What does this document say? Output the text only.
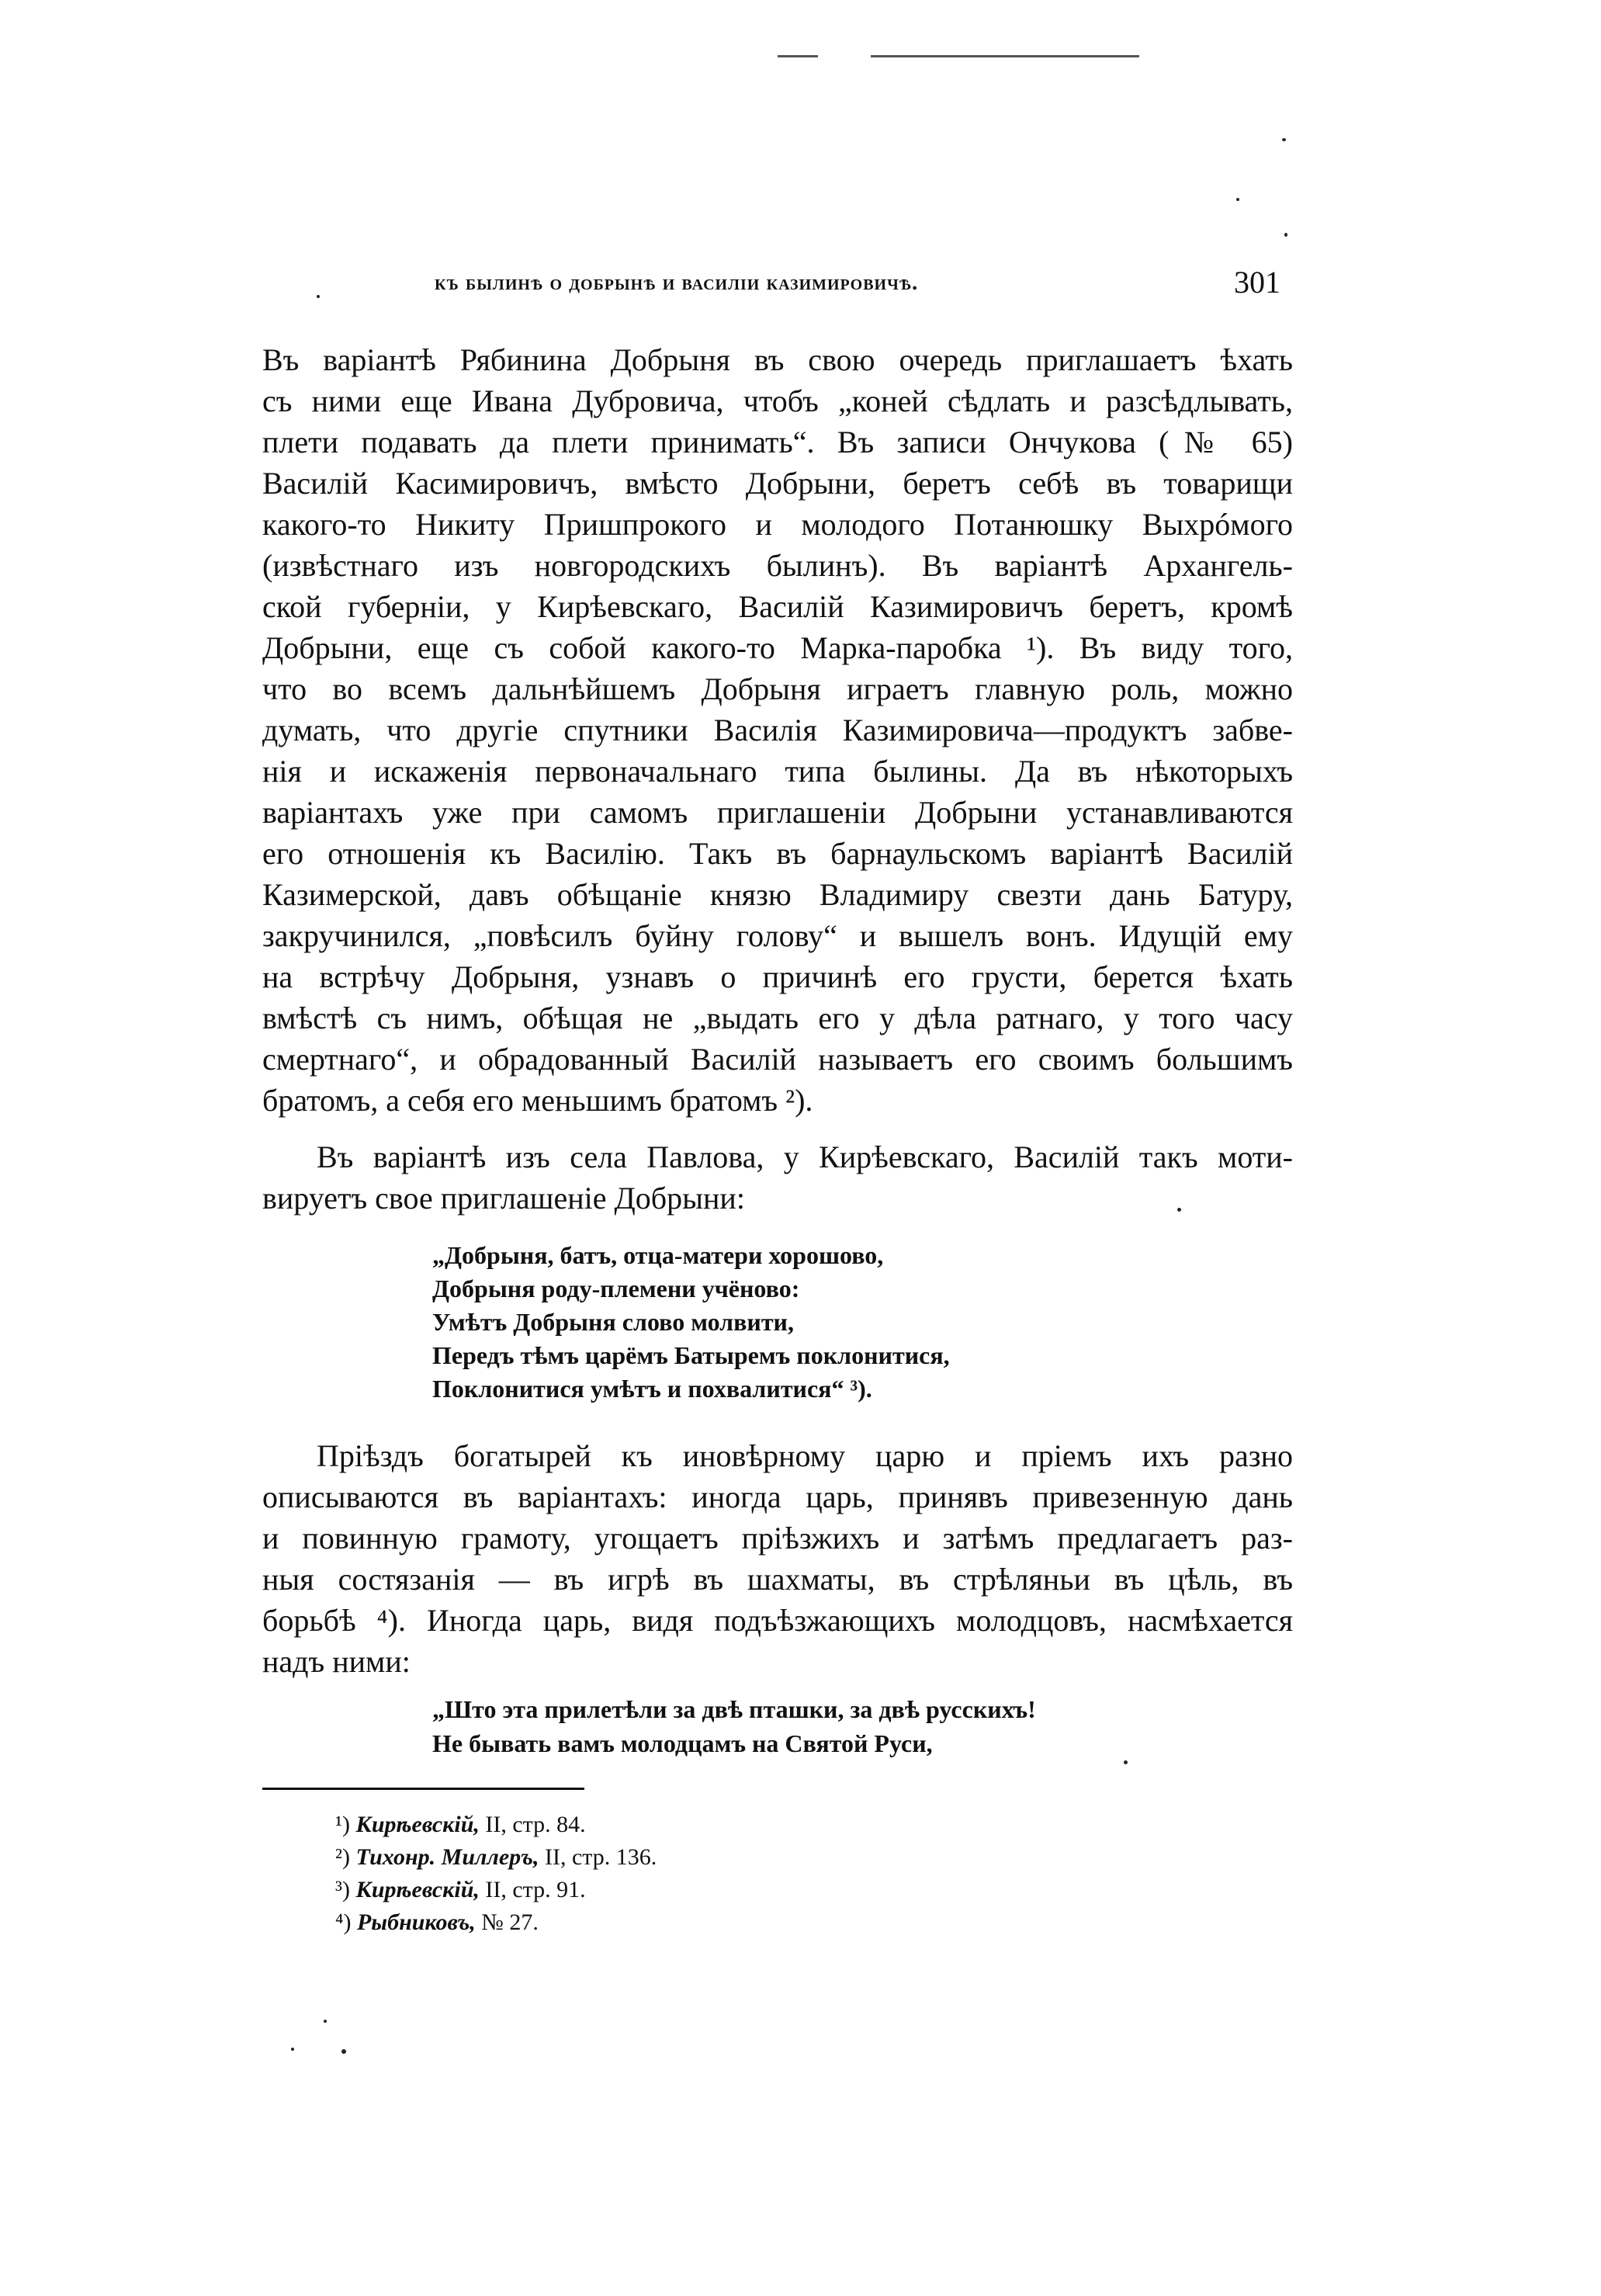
къ былинѣ о добрынѣ и василiи казимировичѣ.	301
Въ варiантѣ Рябинина Добрыня въ свою очередь приглашаетъ ѣхать
съ ними еще Ивана Дубровича, чтобъ „коней сѣдлать и разсѣдлывать,
плети подавать да плети принимать“. Въ записи Ончукова (№ 65)
Василiй Касимировичъ, вмѣсто Добрыни, беретъ себѣ въ товарищи
какого-то Никиту Пришпрокого и молодого Потанюшку Выхрóмого
(извѣстнаго изъ новгородскихъ былинъ). Въ варiантѣ Архангель-
ской губернiи, у Кирѣевскаго, Василiй Казимировичъ беретъ, кромѣ
Добрыни, еще съ собой какого-то Марка-паробка ¹). Въ виду того,
что во всемъ дальнѣйшемъ Добрыня играетъ главную роль, можно
думать, что другiе спутники Василiя Казимировича—продуктъ забве-
нiя и искаженiя первоначальнаго типа былины. Да въ нѣкоторыхъ
варiантахъ уже при самомъ приглашенiи Добрыни устанавливаются
его отношенiя къ Василiю. Такъ въ барнаульскомъ варiантѣ Василiй
Казимерской, давъ обѣщанiе князю Владимиру свезти дань Батуру,
закручинился, „повѣсилъ буйну голову“ и вышелъ вонъ. Идущiй ему
на встрѣчу Добрыня, узнавъ о причинѣ его грусти, берется ѣхать
вмѣстѣ съ нимъ, обѣщая не „выдать его у дѣла ратнаго, у того часу
смертнаго“, и обрадованный Василiй называетъ его своимъ большимъ
братомъ, а себя его меньшимъ братомъ ²).
Въ варiантѣ изъ села Павлова, у Кирѣевскаго, Василiй такъ моти-
вируетъ свое приглашенiе Добрыни:
„Добрыня, батъ, отца-матери хорошово,
Добрыня роду-племени учёново:
Умѣтъ Добрыня слово молвити,
Передъ тѣмъ царёмъ Батыремъ поклонитися,
Поклонитися умѣтъ и похвалитися“ ³).
Прiѣздъ богатырей къ иновѣрному царю и прiемъ ихъ разно
описываются въ варiантахъ: иногда царь, принявъ привезенную дань
и повинную грамоту, угощаетъ прiѣзжихъ и затѣмъ предлагаетъ раз-
ныя состязанiя — въ игрѣ въ шахматы, въ стрѣляньи въ цѣль, въ
борьбѣ ⁴). Иногда царь, видя подъѣзжающихъ молодцовъ, насмѣхается
надъ ними:
„Што эта прилетѣли за двѣ пташки, за двѣ русскихъ!
Не бывать вамъ молодцамъ на Святой Руси,
¹) Кирѣевскiй, II, стр. 84.
²) Тихонр. Миллеръ, II, стр. 136.
³) Кирѣевскiй, II, стр. 91.
⁴) Рыбниковъ, № 27.
